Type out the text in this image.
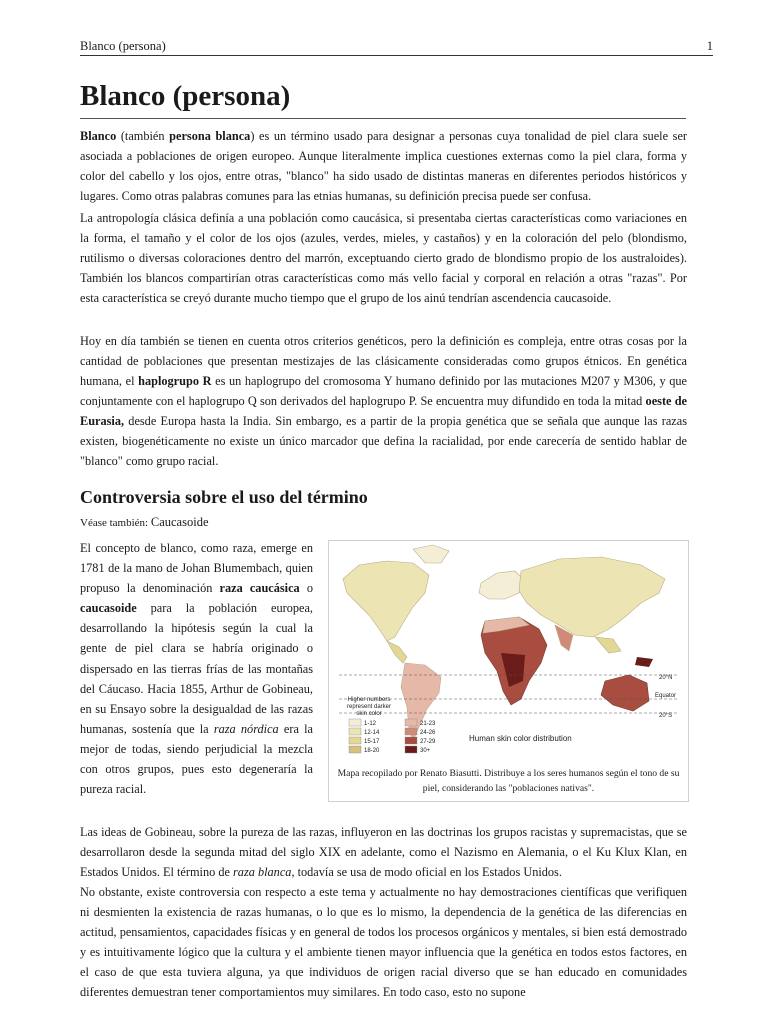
Blanco (persona)	1
Blanco (persona)

Blanco (también persona blanca) es un término usado para designar a personas cuya tonalidad de piel clara suele ser asociada a poblaciones de origen europeo. Aunque literalmente implica cuestiones externas como la piel clara, forma y color del cabello y los ojos, entre otras, "blanco" ha sido usado de distintas maneras en diferentes periodos históricos y lugares. Como otras palabras comunes para las etnias humanas, su definición precisa puede ser confusa.

La antropología clásica definía a una población como caucásica, si presentaba ciertas características como variaciones en la forma, el tamaño y el color de los ojos (azules, verdes, mieles, y castaños) y en la coloración del pelo (blondismo, rutilismo o diversas coloraciones dentro del marrón, exceptuando cierto grado de blondismo propio de los australoides). También los blancos compartirían otras características como más vello facial y corporal en relación a otras "razas". Por esta característica se creyó durante mucho tiempo que el grupo de los ainú tendrían ascendencia caucasoide.

Hoy en día también se tienen en cuenta otros criterios genéticos, pero la definición es compleja, entre otras cosas por la cantidad de poblaciones que presentan mestizajes de las clásicamente consideradas como grupos étnicos. En genética humana, el haplogrupo R es un haplogrupo del cromosoma Y humano definido por las mutaciones M207 y M306, y que conjuntamente con el haplogrupo Q son derivados del haplogrupo P. Se encuentra muy difundido en toda la mitad oeste de Eurasia, desde Europa hasta la India. Sin embargo, es a partir de la propia genética que se señala que aunque las razas existen, biogenéticamente no existe un único marcador que defina la racialidad, por ende carecería de sentido hablar de "blanco" como grupo racial.

Controversia sobre el uso del término
Véase también: Caucasoide

El concepto de blanco, como raza, emerge en 1781 de la mano de Johan Blumembach, quien propuso la denominación raza caucásica o caucasoide para la población europea, desarrollando la hipótesis según la cual la gente de piel clara se habría originado o dispersado en las tierras frías de las montañas del Cáucaso. Hacia 1855, Arthur de Gobineau, en su Ensayo sobre la desigualdad de las razas humanas, sostenía que la raza nórdica era la mejor de todas, siendo perjudicial la mezcla con otros grupos, pues esto degeneraría la pureza racial.

20°N
Equator
20°S
Higher numbers
represent darker
skin color
1-12
12-14
15-17
18-20
21-23
24-26
27-29
30+
Human skin color distribution
Mapa recopilado por Renato Biasutti. Distribuye a los seres humanos según el tono de su piel, considerando las "poblaciones nativas".

Las ideas de Gobineau, sobre la pureza de las razas, influyeron en las doctrinas los grupos racistas y supremacistas, que se desarrollaron desde la segunda mitad del siglo XIX en adelante, como el Nazismo en Alemania, o el Ku Klux Klan, en Estados Unidos. El término de raza blanca, todavía se usa de modo oficial en los Estados Unidos.

No obstante, existe controversia con respecto a este tema y actualmente no hay demostraciones científicas que verifiquen ni desmienten la existencia de razas humanas, o lo que es lo mismo, la dependencia de la genética de las diferencias en actitud, pensamientos, capacidades físicas y en general de todos los procesos orgánicos y mentales, si bien está demostrado y es intuitivamente lógico que la cultura y el ambiente tienen mayor influencia que la genética en todos estos factores, en el caso de que esta tuviera alguna, ya que individuos de origen racial diverso que se han educado en comunidades diferentes demuestran tener comportamientos muy similares. En todo caso, esto no supone
